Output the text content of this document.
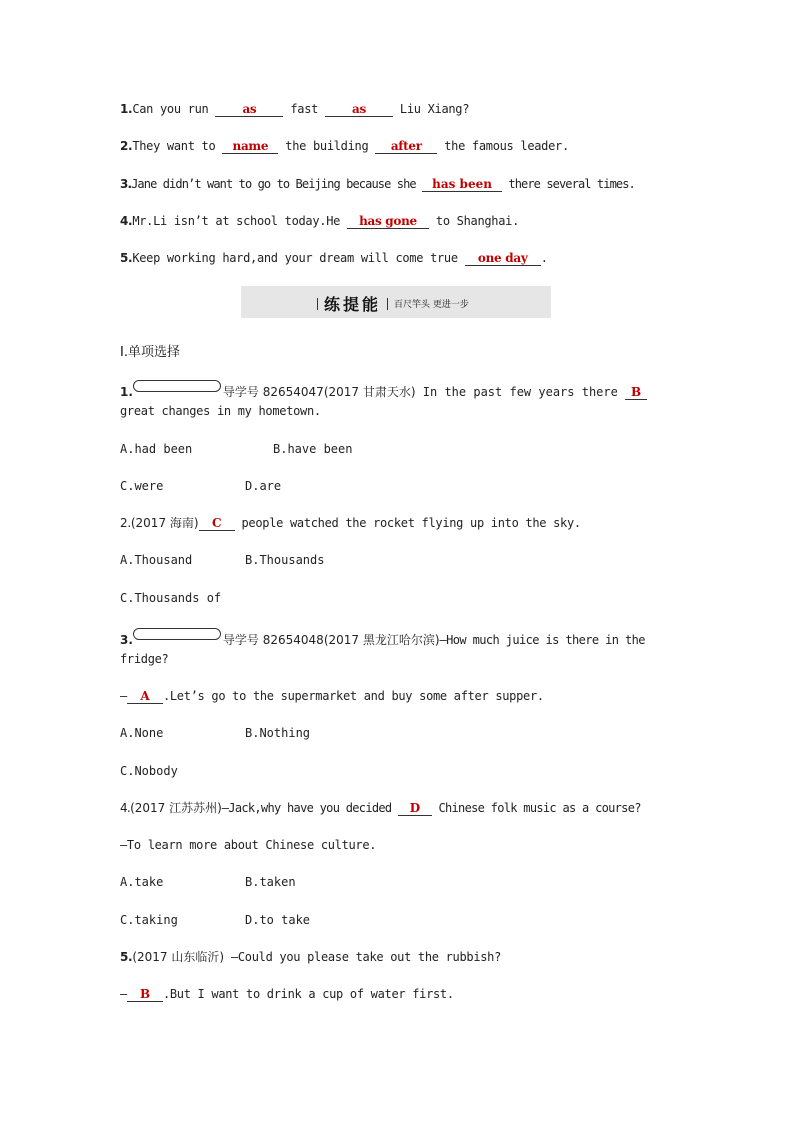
1.Can you run as fast as Liu Xiang?
2.They want to name the building after the famous leader.
3.Jane didn’t want to go to Beijing because she has been there several times.
4.Mr.Li isn’t at school today.He has gone to Shanghai.
5.Keep working hard,and your dream will come true one day .
练提能 百尺竿头 更进一步
Ⅰ.单项选择
1.	导学号 82654047(2017 甘肃天水) In the past few years there B
great changes in my hometown.
A.had been	B.have been
C.were	D.are
2.(2017 海南) C people watched the rocket flying up into the sky.
A.Thousand	B.Thousands
C.Thousands of
3.	导学号 82654048(2017 黑龙江哈尔滨)—How much juice is there in the
fridge?
— A .Let’s go to the supermarket and buy some after supper.
A.None	B.Nothing
C.Nobody
4.(2017 江苏苏州)—Jack,why have you decided D Chinese folk music as a course?
—To learn more about Chinese culture.
A.take	B.taken
C.taking	D.to take
5.(2017 山东临沂) —Could you please take out the rubbish?
— B .But I want to drink a cup of water first.
